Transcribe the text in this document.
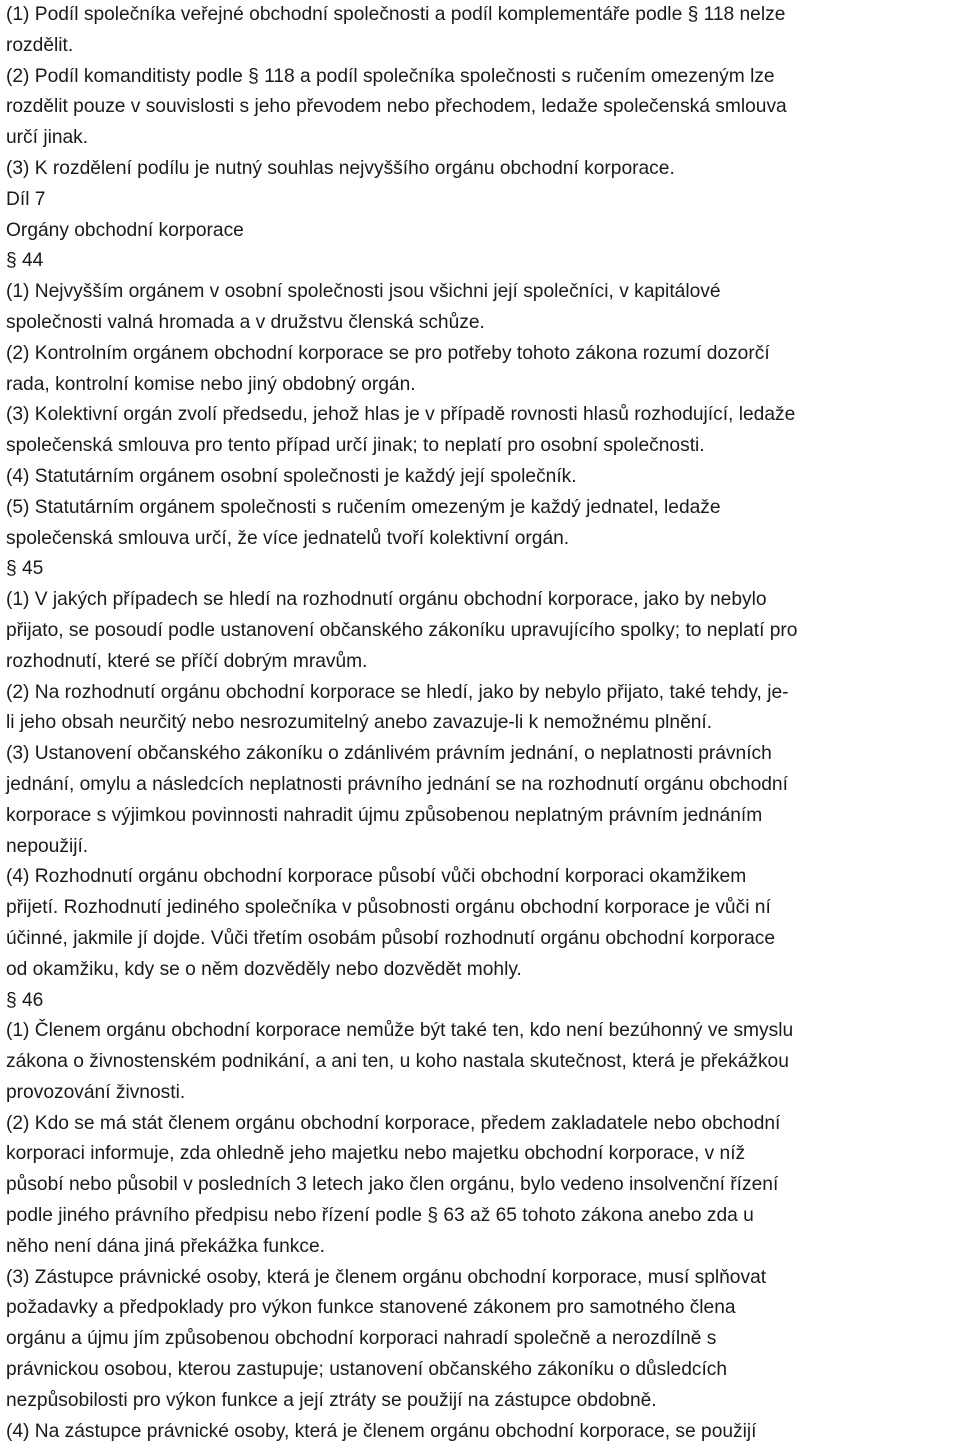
(1) Podíl společníka veřejné obchodní společnosti a podíl komplementáře podle § 118 nelze
rozdělit.
(2) Podíl komanditisty podle § 118 a podíl společníka společnosti s ručením omezeným lze
rozdělit pouze v souvislosti s jeho převodem nebo přechodem, ledaže společenská smlouva
určí jinak.
(3) K rozdělení podílu je nutný souhlas nejvyššího orgánu obchodní korporace.
Díl 7
Orgány obchodní korporace
§ 44
(1) Nejvyšším orgánem v osobní společnosti jsou všichni její společníci, v kapitálové
společnosti valná hromada a v družstvu členská schůze.
(2) Kontrolním orgánem obchodní korporace se pro potřeby tohoto zákona rozumí dozorčí
rada, kontrolní komise nebo jiný obdobný orgán.
(3) Kolektivní orgán zvolí předsedu, jehož hlas je v případě rovnosti hlasů rozhodující, ledaže
společenská smlouva pro tento případ určí jinak; to neplatí pro osobní společnosti.
(4) Statutárním orgánem osobní společnosti je každý její společník.
(5) Statutárním orgánem společnosti s ručením omezeným je každý jednatel, ledaže
společenská smlouva určí, že více jednatelů tvoří kolektivní orgán.
§ 45
(1) V jakých případech se hledí na rozhodnutí orgánu obchodní korporace, jako by nebylo
přijato, se posoudí podle ustanovení občanského zákoníku upravujícího spolky; to neplatí pro
rozhodnutí, které se příčí dobrým mravům.
(2) Na rozhodnutí orgánu obchodní korporace se hledí, jako by nebylo přijato, také tehdy, je-
li jeho obsah neurčitý nebo nesrozumitelný anebo zavazuje-li k nemožnému plnění.
(3) Ustanovení občanského zákoníku o zdánlivém právním jednání, o neplatnosti právních
jednání, omylu a následcích neplatnosti právního jednání se na rozhodnutí orgánu obchodní
korporace s výjimkou povinnosti nahradit újmu způsobenou neplatným právním jednáním
nepoužijí.
(4) Rozhodnutí orgánu obchodní korporace působí vůči obchodní korporaci okamžikem
přijetí. Rozhodnutí jediného společníka v působnosti orgánu obchodní korporace je vůči ní
účinné, jakmile jí dojde. Vůči třetím osobám působí rozhodnutí orgánu obchodní korporace
od okamžiku, kdy se o něm dozvěděly nebo dozvědět mohly.
§ 46
(1) Členem orgánu obchodní korporace nemůže být také ten, kdo není bezúhonný ve smyslu
zákona o živnostenském podnikání, a ani ten, u koho nastala skutečnost, která je překážkou
provozování živnosti.
(2) Kdo se má stát členem orgánu obchodní korporace, předem zakladatele nebo obchodní
korporaci informuje, zda ohledně jeho majetku nebo majetku obchodní korporace, v níž
působí nebo působil v posledních 3 letech jako člen orgánu, bylo vedeno insolvenční řízení
podle jiného právního předpisu nebo řízení podle § 63 až 65 tohoto zákona anebo zda u
něho není dána jiná překážka funkce.
(3) Zástupce právnické osoby, která je členem orgánu obchodní korporace, musí splňovat
požadavky a předpoklady pro výkon funkce stanovené zákonem pro samotného člena
orgánu a újmu jím způsobenou obchodní korporaci nahradí společně a nerozdílně s
právnickou osobou, kterou zastupuje; ustanovení občanského zákoníku o důsledcích
nezpůsobilosti pro výkon funkce a její ztráty se použijí na zástupce obdobně.
(4) Na zástupce právnické osoby, která je členem orgánu obchodní korporace, se použijí
